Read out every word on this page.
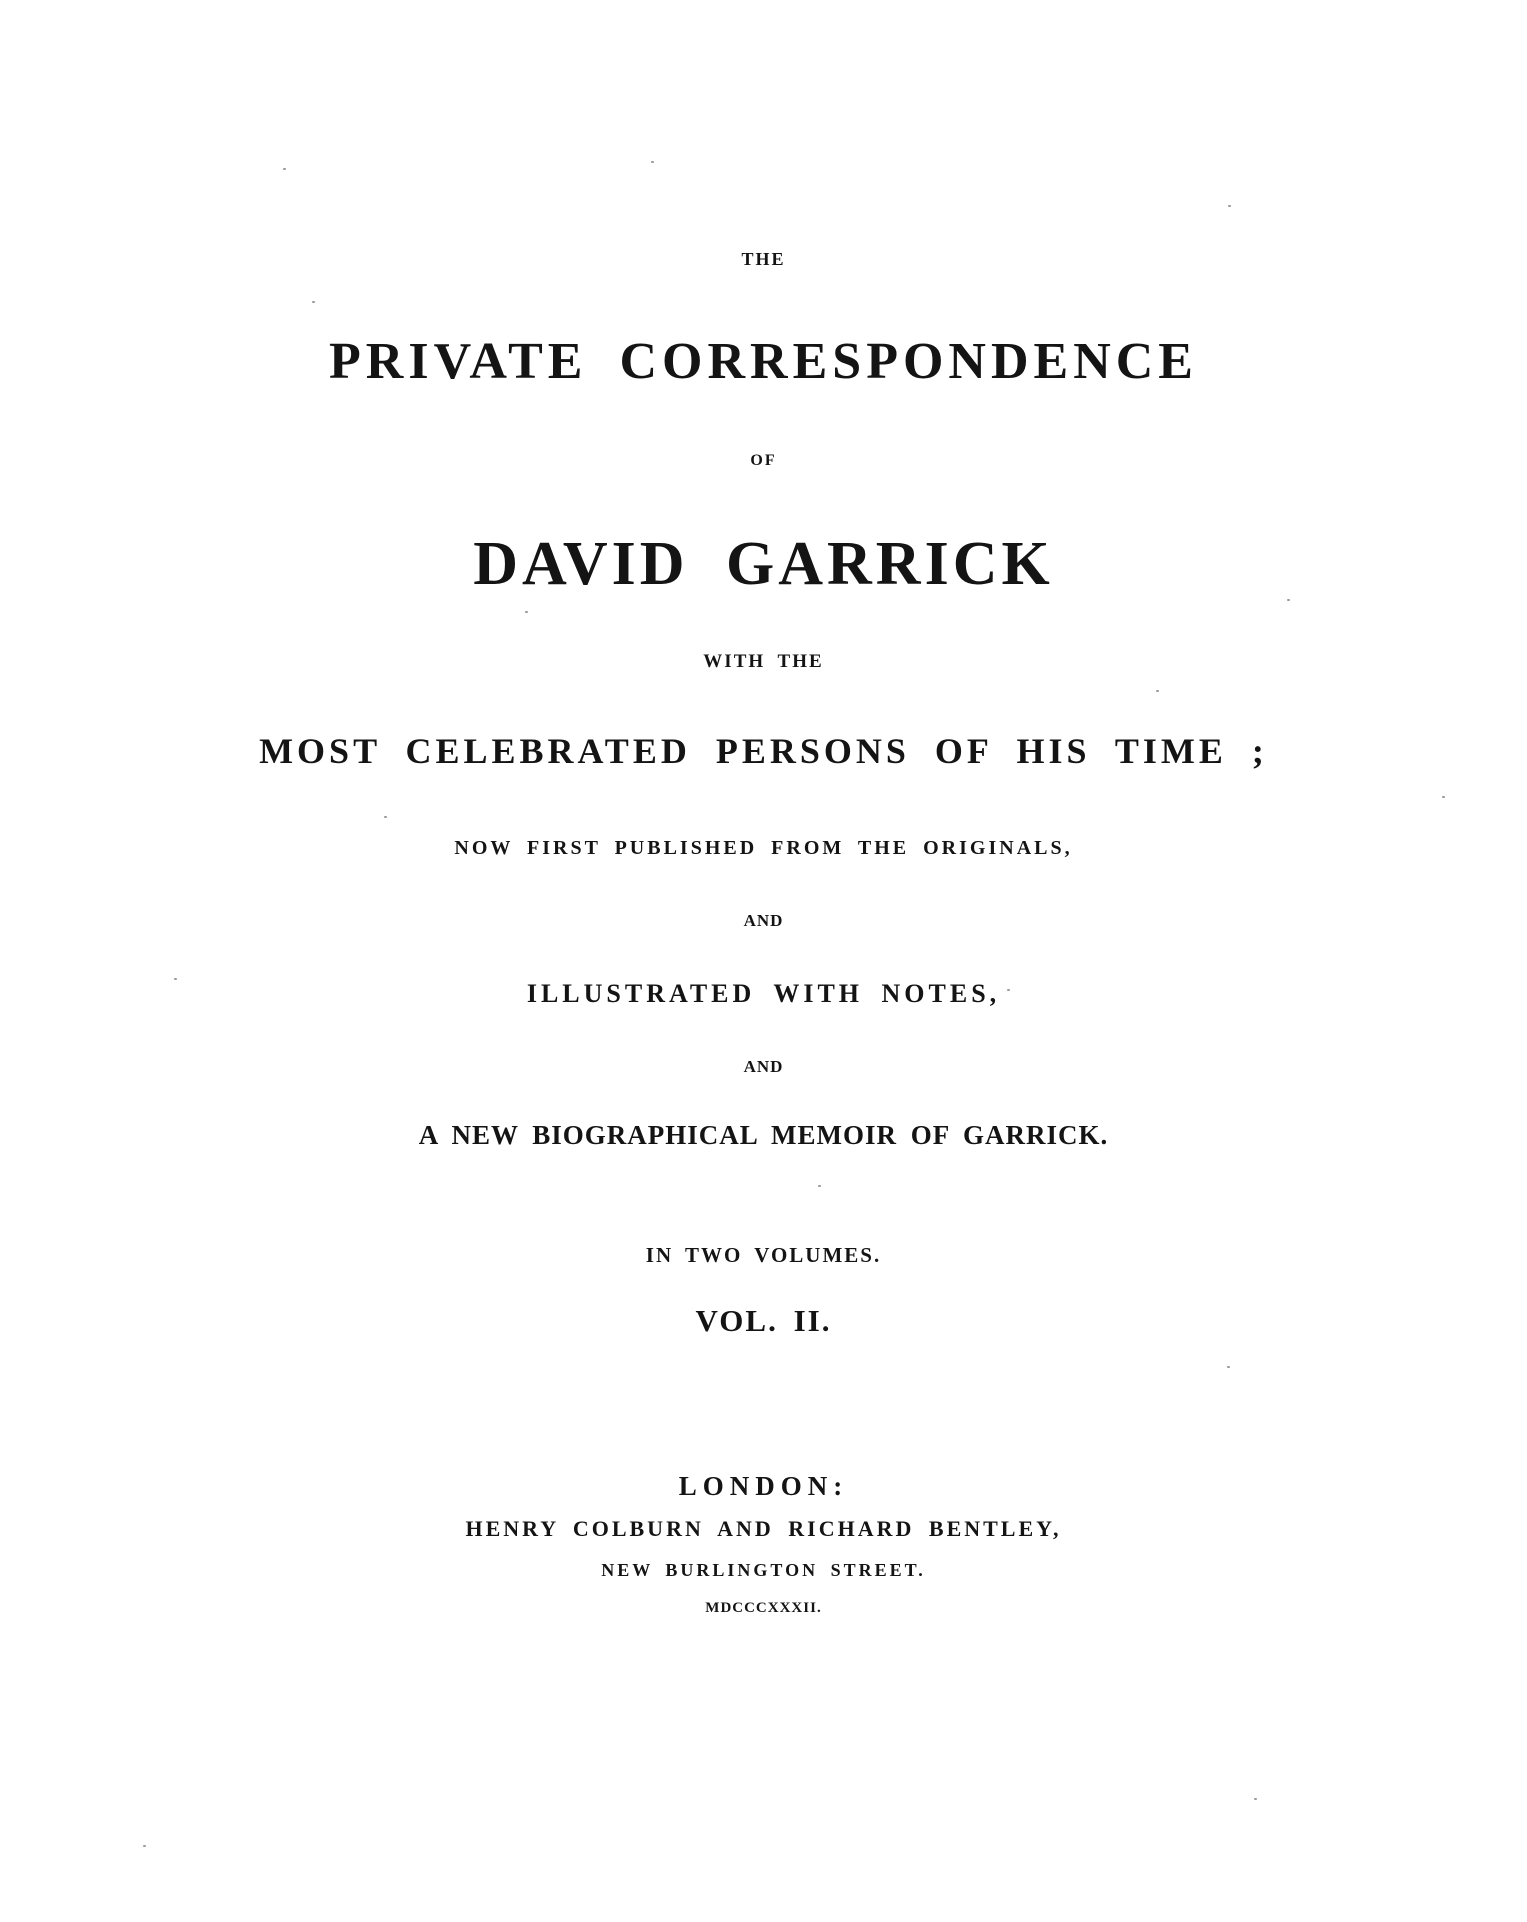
THE
PRIVATE CORRESPONDENCE
OF
DAVID GARRICK
WITH THE
MOST CELEBRATED PERSONS OF HIS TIME ;
NOW FIRST PUBLISHED FROM THE ORIGINALS,
AND
ILLUSTRATED WITH NOTES,
AND
A NEW BIOGRAPHICAL MEMOIR OF GARRICK.
IN TWO VOLUMES.
VOL. II.
LONDON:
HENRY COLBURN AND RICHARD BENTLEY,
NEW BURLINGTON STREET.
MDCCCXXXII.
